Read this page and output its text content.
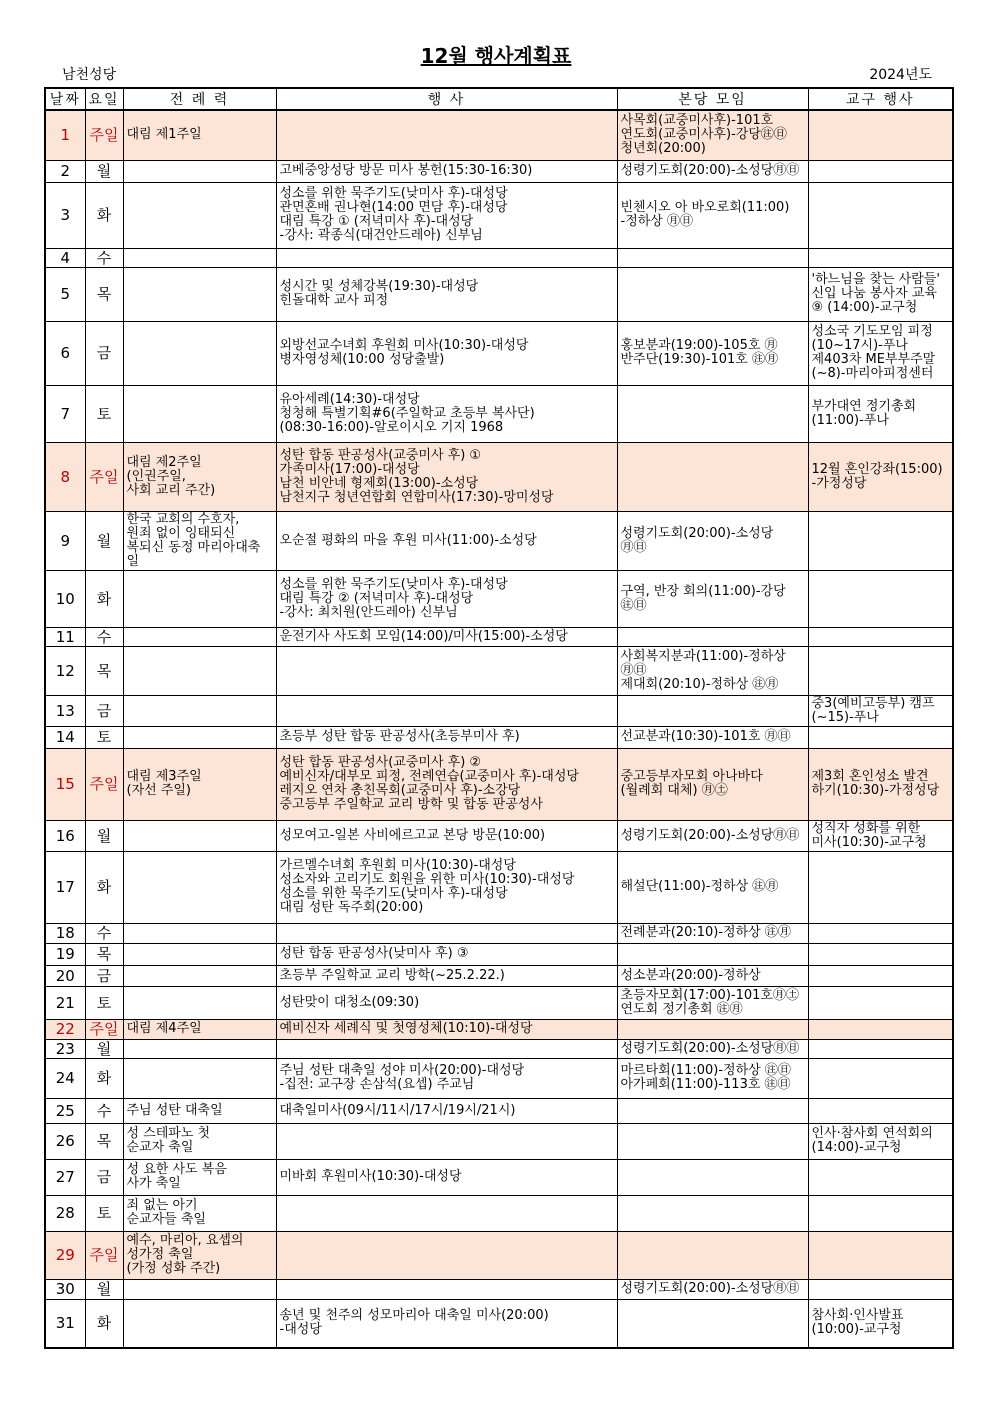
12월 행사계획표
남천성당	2024년도
날짜	요일	전 례 력	행 사	본당 모임	교구 행사
1	주일	대림 제1주일		사목회(교중미사후)-101호
연도회(교중미사후)-강당㊟㊐
청년회(20:00)	
2	월		고베중앙성당 방문 미사 봉헌(15:30-16:30)	성령기도회(20:00)-소성당㊊㊐	
3	화		성소를 위한 묵주기도(낮미사 후)-대성당
관면혼배 권나현(14:00 면담 후)-대성당
대림 특강 ① (저녁미사 후)-대성당
-강사: 곽종식(대건안드레아) 신부님	빈첸시오 아 바오로회(11:00)
-정하상 ㊊㊐	
4	수				
5	목		성시간 및 성체강복(19:30)-대성당
힌돌대학 교사 피정		'하느님을 찾는 사람들'
신입 나눔 봉사자 교육
⑨ (14:00)-교구청
6	금		외방선교수녀회 후원회 미사(10:30)-대성당
병자영성체(10:00 성당출발)	홍보분과(19:00)-105호 ㊊
반주단(19:30)-101호 ㊟㊊	성소국 기도모임 피정
(10~17시)-푸나
제403차 ME부부주말
(~8)-마리아피정센터
7	토		유아세례(14:30)-대성당
청청해 특별기획#6(주일학교 초등부 복사단)
(08:30-16:00)-알로이시오 기지 1968		부가대연 정기총회
(11:00)-푸나
8	주일	대림 제2주일
(인권주일,
사회 교리 주간)	성탄 합동 판공성사(교중미사 후) ①
가족미사(17:00)-대성당
남천 비안네 형제회(13:00)-소성당
남천지구 청년연합회 연합미사(17:30)-망미성당		12월 혼인강좌(15:00)
-가정성당
9	월	한국 교회의 수호자,
원죄 없이 잉태되신
복되신 동정 마리아대축일	오순절 평화의 마을 후원 미사(11:00)-소성당	성령기도회(20:00)-소성당
㊊㊐	
10	화		성소를 위한 묵주기도(낮미사 후)-대성당
대림 특강 ② (저녁미사 후)-대성당
-강사: 최치원(안드레아) 신부님	구역, 반장 회의(11:00)-강당
㊟㊐	
11	수		운전기사 사도회 모임(14:00)/미사(15:00)-소성당		
12	목			사회복지분과(11:00)-정하상
㊊㊐
제대회(20:10)-정하상 ㊟㊊	
13	금				중3(예비고등부) 캠프
(~15)-푸나
14	토		초등부 성탄 합동 판공성사(초등부미사 후)	선교분과(10:30)-101호 ㊊㊐	
15	주일	대림 제3주일
(자선 주일)	성탄 합동 판공성사(교중미사 후) ②
예비신자/대부모 피정, 전례연습(교중미사 후)-대성당
레지오 연차 총친목회(교중미사 후)-소강당
중고등부 주일학교 교리 방학 및 합동 판공성사	중고등부자모회 아나바다
(월례회 대체) ㊊㊏	제3회 혼인성소 발견
하기(10:30)-가정성당
16	월		성모여고-일본 사비에르고교 본당 방문(10:00)	성령기도회(20:00)-소성당㊊㊐	성직자 성화를 위한
미사(10:30)-교구청
17	화		가르멜수녀회 후원회 미사(10:30)-대성당
성소자와 고리기도 회원을 위한 미사(10:30)-대성당
성소를 위한 묵주기도(낮미사 후)-대성당
대림 성탄 독주회(20:00)	해설단(11:00)-정하상 ㊟㊊	
18	수			전례분과(20:10)-정하상 ㊟㊊	
19	목		성탄 합동 판공성사(낮미사 후) ③		
20	금		초등부 주일학교 교리 방학(~25.2.22.)	성소분과(20:00)-정하상	
21	토		성탄맞이 대청소(09:30)	초등자모회(17:00)-101호㊊㊏
연도회 정기총회 ㊟㊊	
22	주일	대림 제4주일	예비신자 세례식 및 첫영성체(10:10)-대성당		
23	월			성령기도회(20:00)-소성당㊊㊐	
24	화		주님 성탄 대축일 성야 미사(20:00)-대성당
-집전: 교구장 손삼석(요셉) 주교님	마르타회(11:00)-정하상 ㊟㊐
아가페회(11:00)-113호 ㊟㊐	
25	수	주님 성탄 대축일	대축일미사(09시/11시/17시/19시/21시)		
26	목	성 스테파노 첫
순교자 축일			인사·참사회 연석회의
(14:00)-교구청
27	금	성 요한 사도 복음
사가 축일	미바회 후원미사(10:30)-대성당		
28	토	죄 없는 아기
순교자들 축일			
29	주일	예수, 마리아, 요셉의
성가정 축일
(가정 성화 주간)			
30	월			성령기도회(20:00)-소성당㊊㊐	
31	화		송년 및 천주의 성모마리아 대축일 미사(20:00)
-대성당		참사회·인사발표
(10:00)-교구청
